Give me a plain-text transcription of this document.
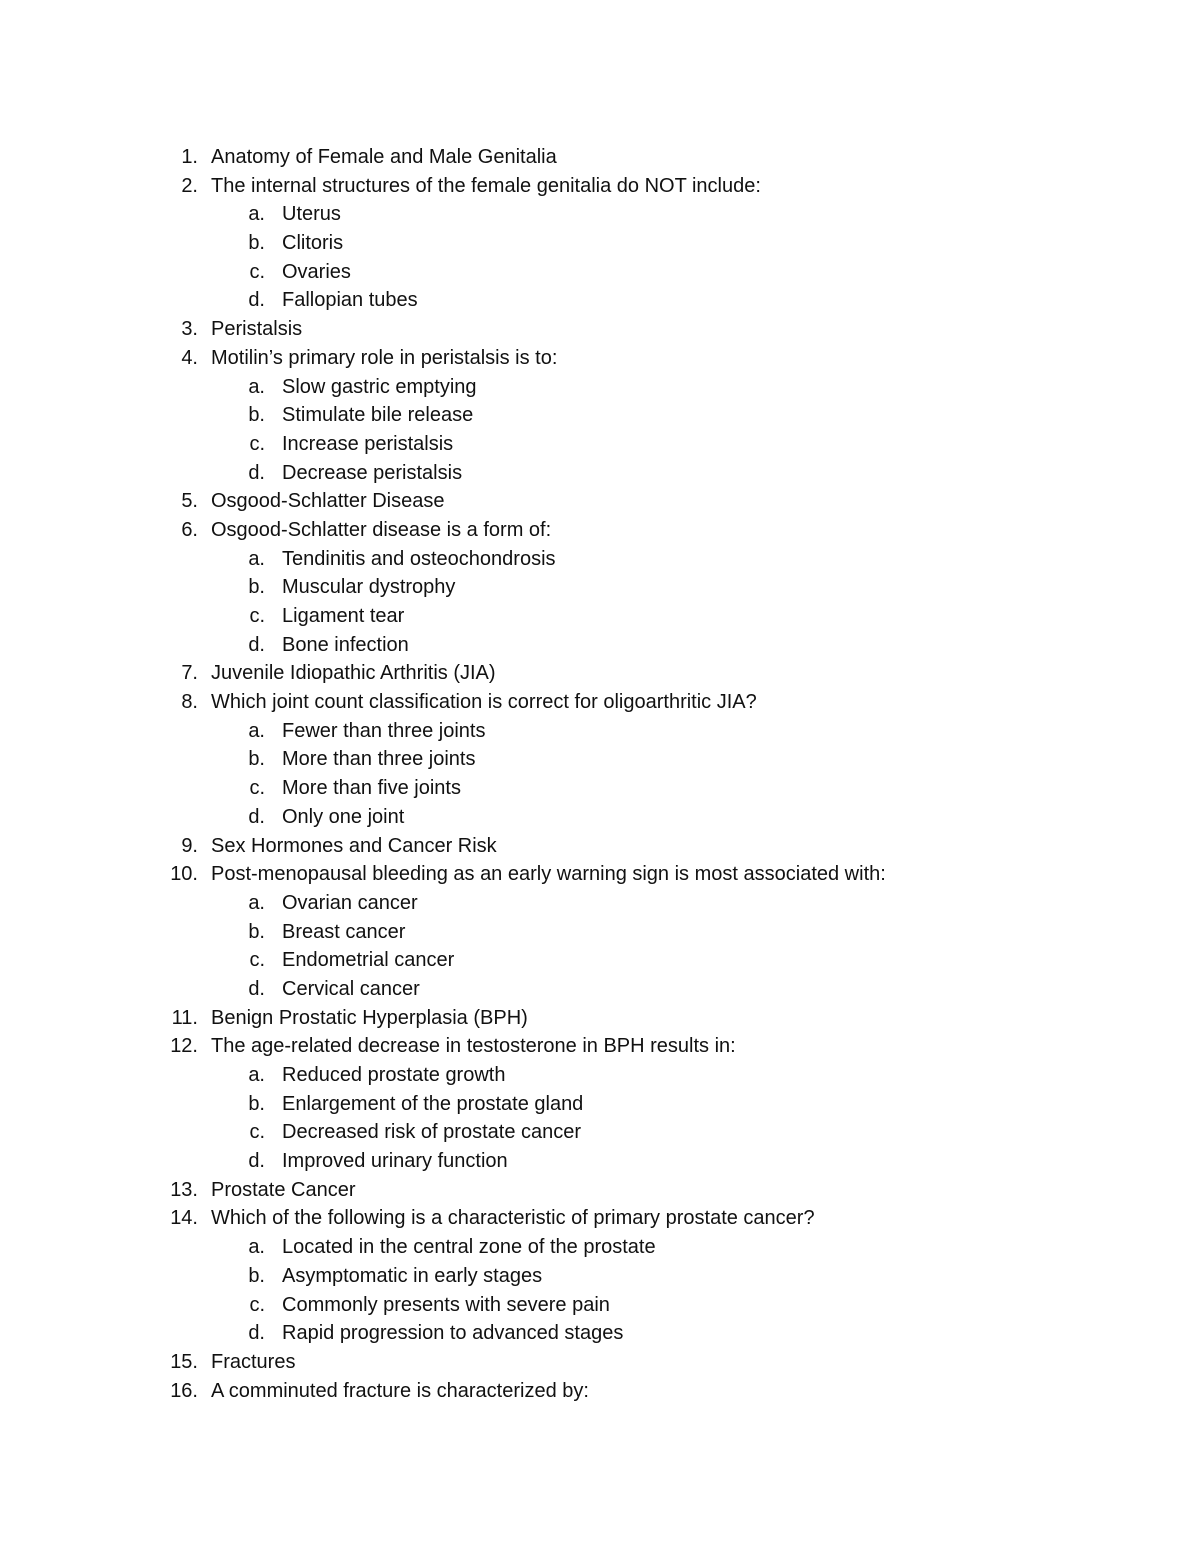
1. Anatomy of Female and Male Genitalia
2. The internal structures of the female genitalia do NOT include:
a. Uterus
b. Clitoris
c. Ovaries
d. Fallopian tubes
3. Peristalsis
4. Motilin’s primary role in peristalsis is to:
a. Slow gastric emptying
b. Stimulate bile release
c. Increase peristalsis
d. Decrease peristalsis
5. Osgood-Schlatter Disease
6. Osgood-Schlatter disease is a form of:
a. Tendinitis and osteochondrosis
b. Muscular dystrophy
c. Ligament tear
d. Bone infection
7. Juvenile Idiopathic Arthritis (JIA)
8. Which joint count classification is correct for oligoarthritic JIA?
a. Fewer than three joints
b. More than three joints
c. More than five joints
d. Only one joint
9. Sex Hormones and Cancer Risk
10. Post-menopausal bleeding as an early warning sign is most associated with:
a. Ovarian cancer
b. Breast cancer
c. Endometrial cancer
d. Cervical cancer
11. Benign Prostatic Hyperplasia (BPH)
12. The age-related decrease in testosterone in BPH results in:
a. Reduced prostate growth
b. Enlargement of the prostate gland
c. Decreased risk of prostate cancer
d. Improved urinary function
13. Prostate Cancer
14. Which of the following is a characteristic of primary prostate cancer?
a. Located in the central zone of the prostate
b. Asymptomatic in early stages
c. Commonly presents with severe pain
d. Rapid progression to advanced stages
15. Fractures
16. A comminuted fracture is characterized by:
